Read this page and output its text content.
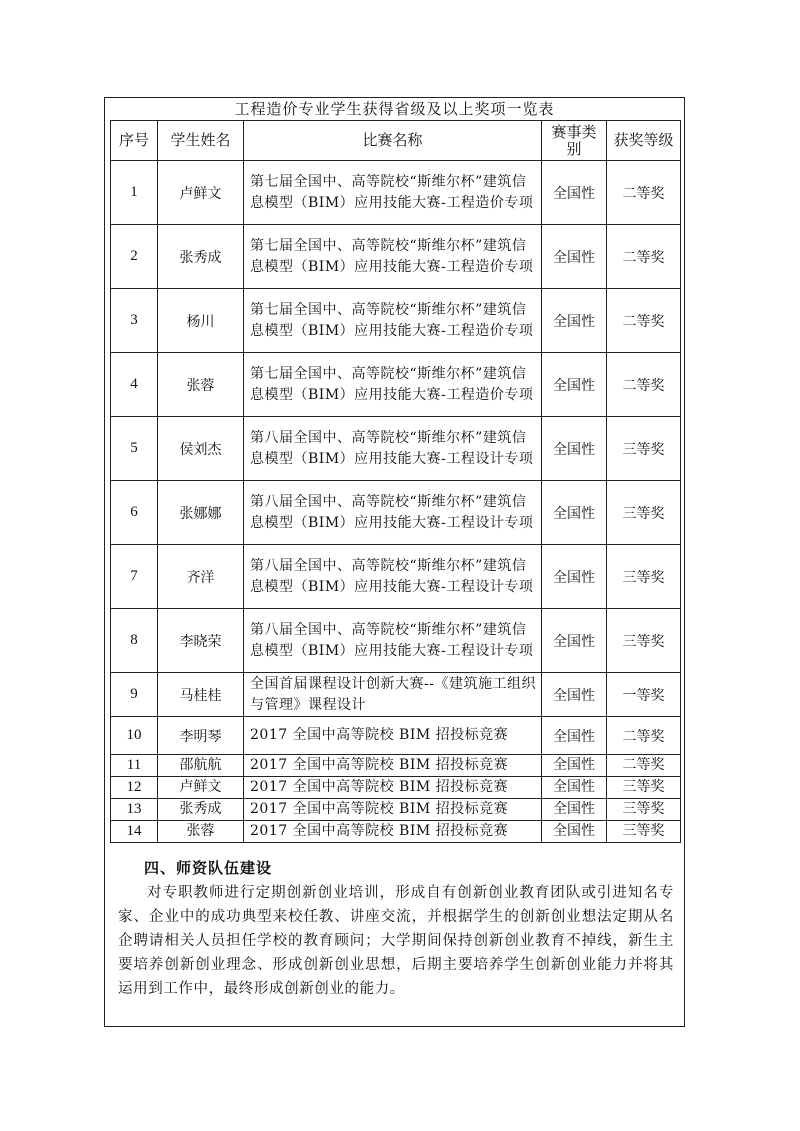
工程造价专业学生获得省级及以上奖项一览表
序号	学生姓名	比赛名称	赛事类别	获奖等级
1	卢鲜文	第七届全国中、高等院校“斯维尔杯”建筑信息模型（BIM）应用技能大赛-工程造价专项	全国性	二等奖
2	张秀成	第七届全国中、高等院校“斯维尔杯”建筑信息模型（BIM）应用技能大赛-工程造价专项	全国性	二等奖
3	杨川	第七届全国中、高等院校“斯维尔杯”建筑信息模型（BIM）应用技能大赛-工程造价专项	全国性	二等奖
4	张蓉	第七届全国中、高等院校“斯维尔杯”建筑信息模型（BIM）应用技能大赛-工程造价专项	全国性	二等奖
5	侯刘杰	第八届全国中、高等院校“斯维尔杯”建筑信息模型（BIM）应用技能大赛-工程设计专项	全国性	三等奖
6	张娜娜	第八届全国中、高等院校“斯维尔杯”建筑信息模型（BIM）应用技能大赛-工程设计专项	全国性	三等奖
7	齐洋	第八届全国中、高等院校“斯维尔杯”建筑信息模型（BIM）应用技能大赛-工程设计专项	全国性	三等奖
8	李晓荣	第八届全国中、高等院校“斯维尔杯”建筑信息模型（BIM）应用技能大赛-工程设计专项	全国性	三等奖
9	马桂桂	全国首届课程设计创新大赛--《建筑施工组织与管理》课程设计	全国性	一等奖
10	李明琴	2017 全国中高等院校 BIM 招投标竞赛	全国性	二等奖
11	邵航航	2017 全国中高等院校 BIM 招投标竞赛	全国性	二等奖
12	卢鲜文	2017 全国中高等院校 BIM 招投标竞赛	全国性	三等奖
13	张秀成	2017 全国中高等院校 BIM 招投标竞赛	全国性	三等奖
14	张蓉	2017 全国中高等院校 BIM 招投标竞赛	全国性	三等奖
四、师资队伍建设
对专职教师进行定期创新创业培训，形成自有创新创业教育团队或引进知名专家、企业中的成功典型来校任教、讲座交流，并根据学生的创新创业想法定期从名企聘请相关人员担任学校的教育顾问；大学期间保持创新创业教育不掉线，新生主要培养创新创业理念、形成创新创业思想，后期主要培养学生创新创业能力并将其运用到工作中，最终形成创新创业的能力。
